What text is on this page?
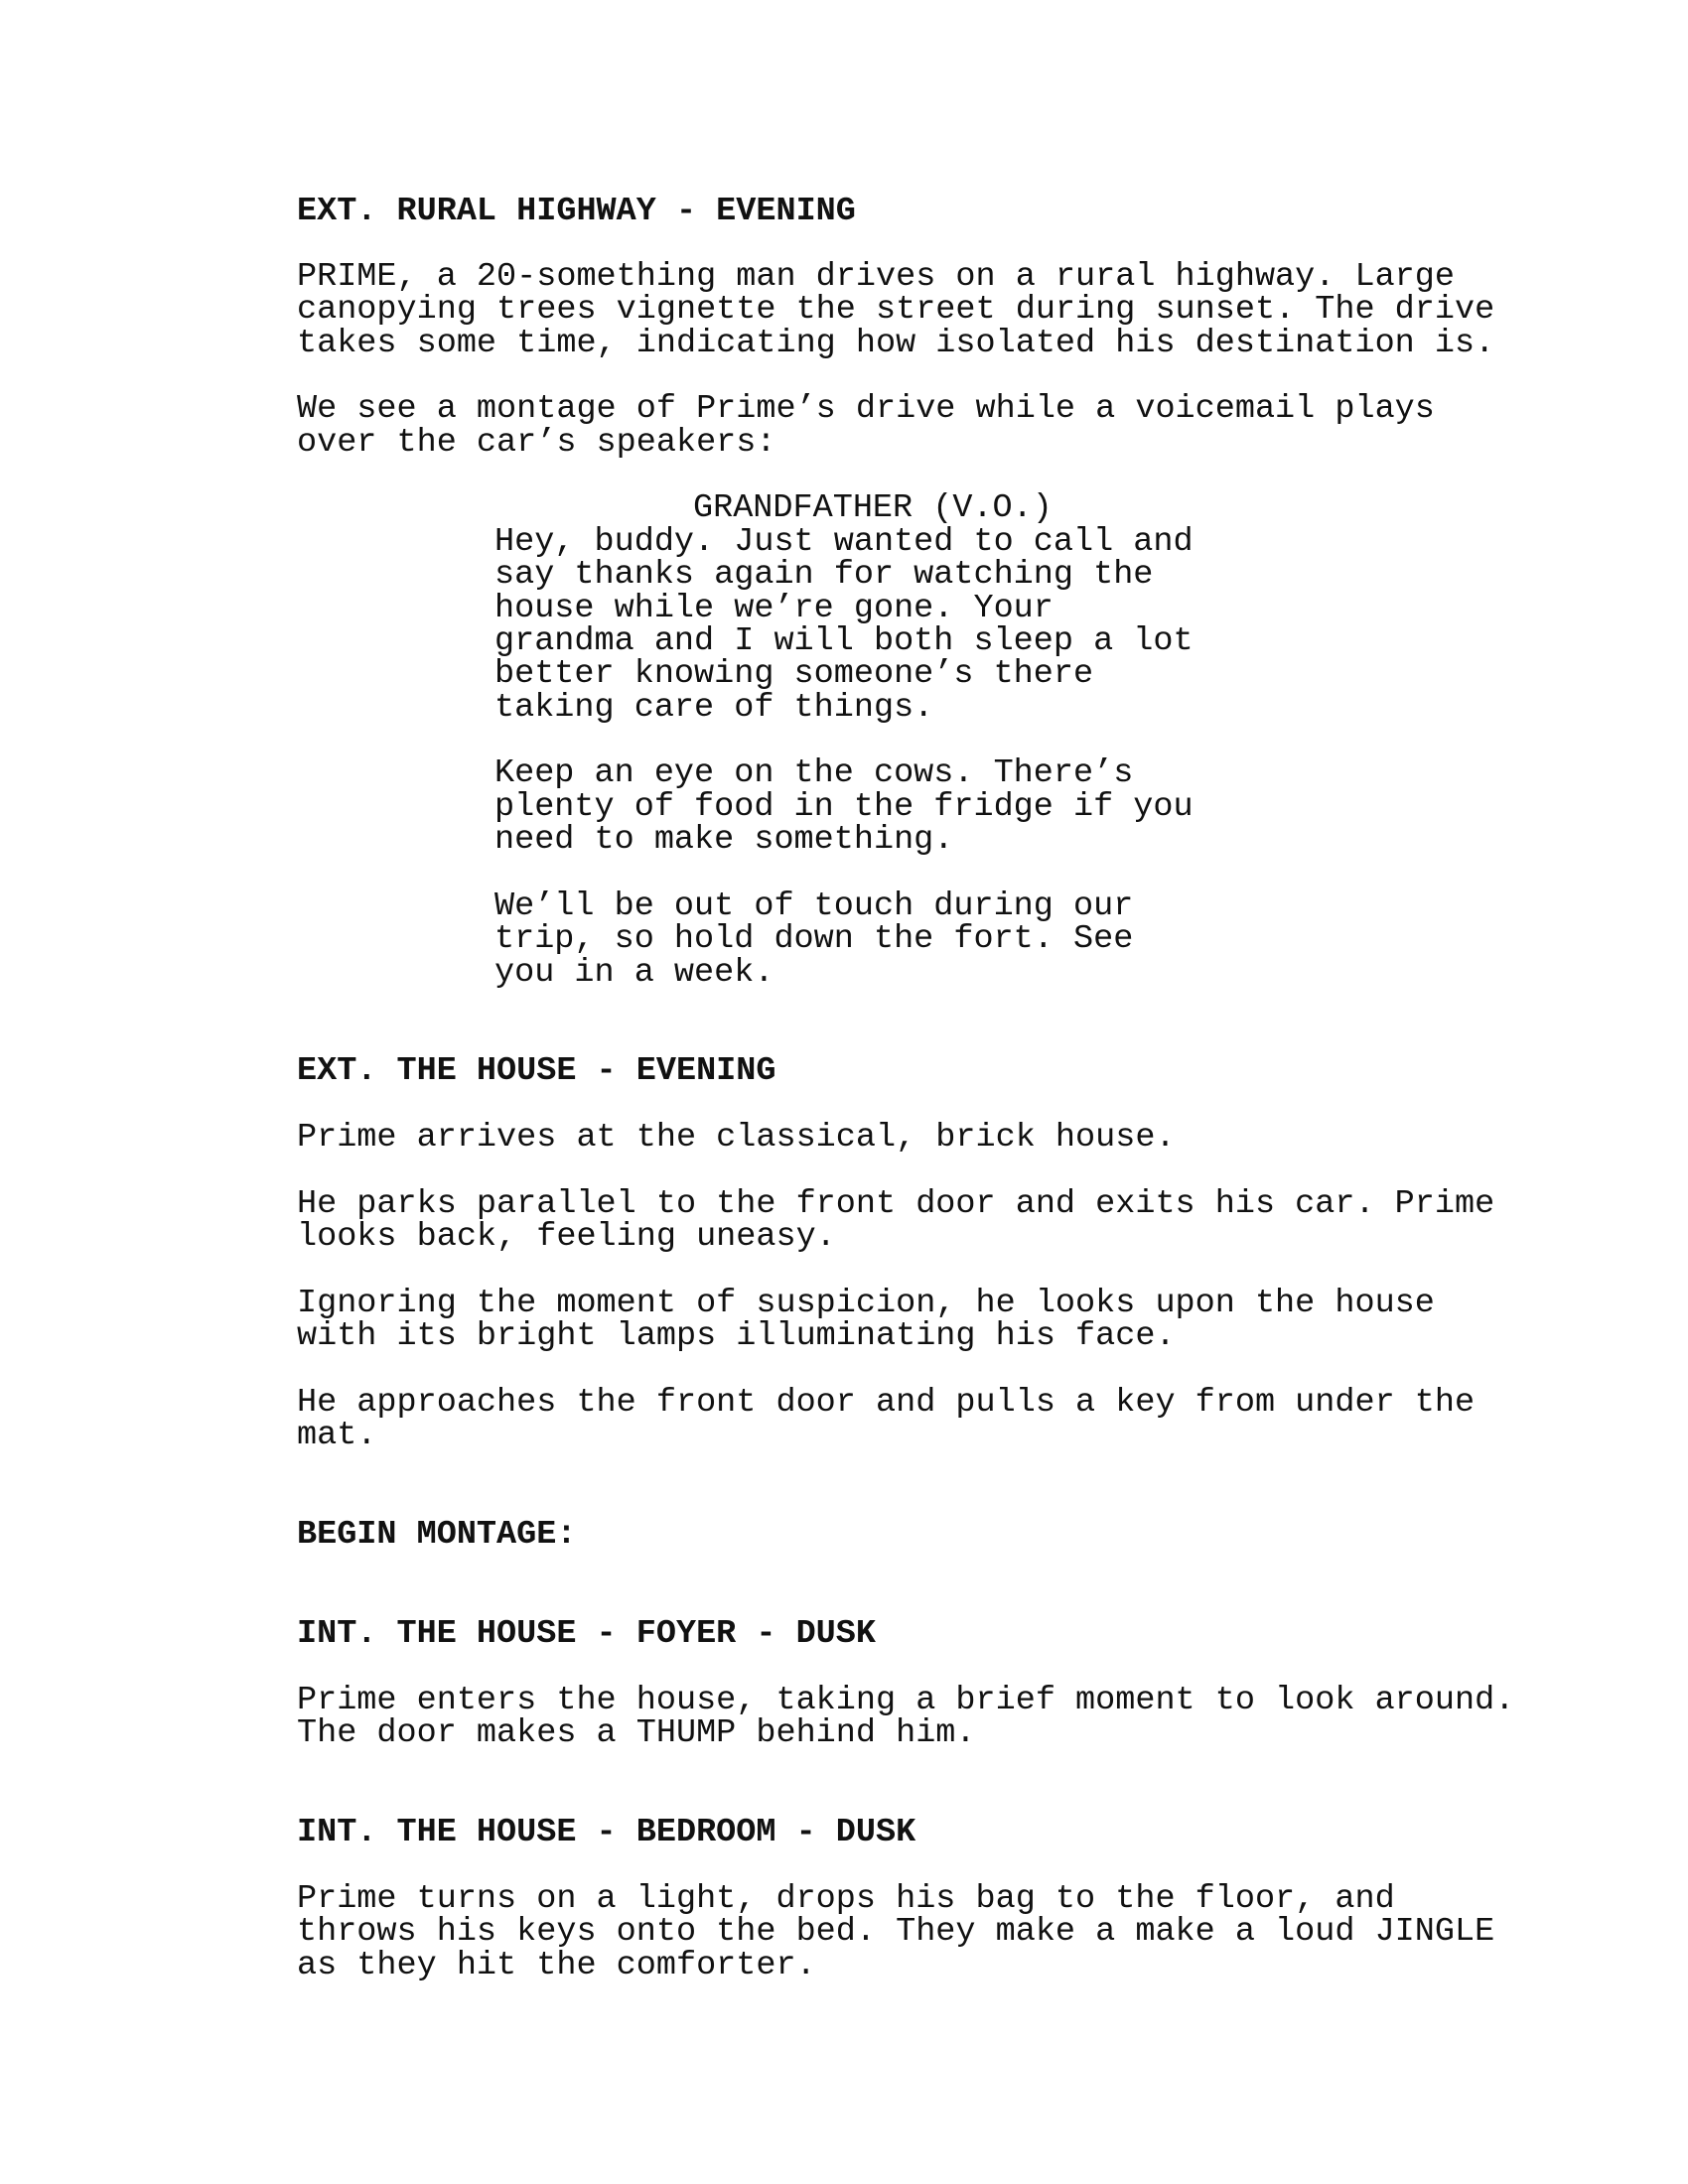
EXT. RURAL HIGHWAY - EVENING
PRIME, a 20-something man drives on a rural highway. Large
canopying trees vignette the street during sunset. The drive
takes some time, indicating how isolated his destination is.
We see a montage of Prime’s drive while a voicemail plays
over the car’s speakers:
GRANDFATHER (V.O.)
Hey, buddy. Just wanted to call and
say thanks again for watching the
house while we’re gone. Your
grandma and I will both sleep a lot
better knowing someone’s there
taking care of things.
Keep an eye on the cows. There’s
plenty of food in the fridge if you
need to make something.
We’ll be out of touch during our
trip, so hold down the fort. See
you in a week.
EXT. THE HOUSE - EVENING
Prime arrives at the classical, brick house.
He parks parallel to the front door and exits his car. Prime
looks back, feeling uneasy.
Ignoring the moment of suspicion, he looks upon the house
with its bright lamps illuminating his face.
He approaches the front door and pulls a key from under the
mat.
BEGIN MONTAGE:
INT. THE HOUSE - FOYER - DUSK
Prime enters the house, taking a brief moment to look around.
The door makes a THUMP behind him.
INT. THE HOUSE - BEDROOM - DUSK
Prime turns on a light, drops his bag to the floor, and
throws his keys onto the bed. They make a make a loud JINGLE
as they hit the comforter.
